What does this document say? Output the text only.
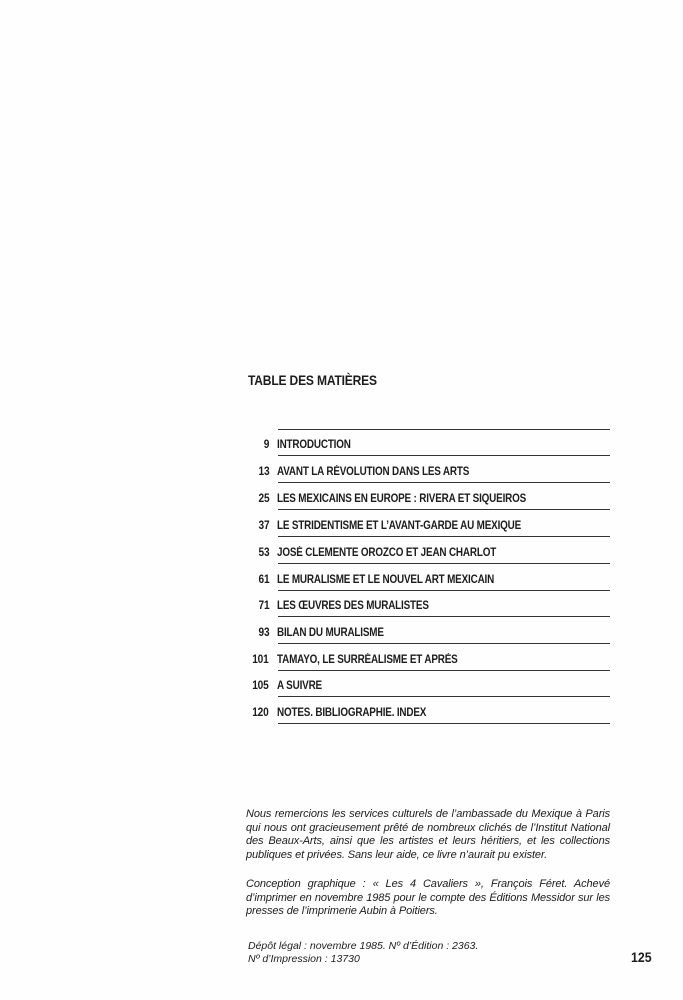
TABLE DES MATIÈRES
9 INTRODUCTION
13 AVANT LA RÉVOLUTION DANS LES ARTS
25 LES MEXICAINS EN EUROPE : RIVERA ET SIQUEIROS
37 LE STRIDENTISME ET L’AVANT-GARDE AU MEXIQUE
53 JOSÉ CLEMENTE OROZCO ET JEAN CHARLOT
61 LE MURALISME ET LE NOUVEL ART MEXICAIN
71 LES ŒUVRES DES MURALISTES
93 BILAN DU MURALISME
101 TAMAYO, LE SURRÉALISME ET APRÈS
105 A SUIVRE
120 NOTES. BIBLIOGRAPHIE. INDEX
Nous remercions les services culturels de l’ambassade du Mexique à Paris qui nous ont gracieusement prêté de nombreux clichés de l’Institut National des Beaux-Arts, ainsi que les artistes et leurs héritiers, et les collections publiques et privées. Sans leur aide, ce livre n’aurait pu exister.
Conception graphique : « Les 4 Cavaliers », François Féret. Achevé d’imprimer en novembre 1985 pour le compte des Éditions Messidor sur les presses de l’imprimerie Aubin à Poitiers.
Dépôt légal : novembre 1985. Nº d’Édition : 2363.
Nº d’Impression : 13730	125
